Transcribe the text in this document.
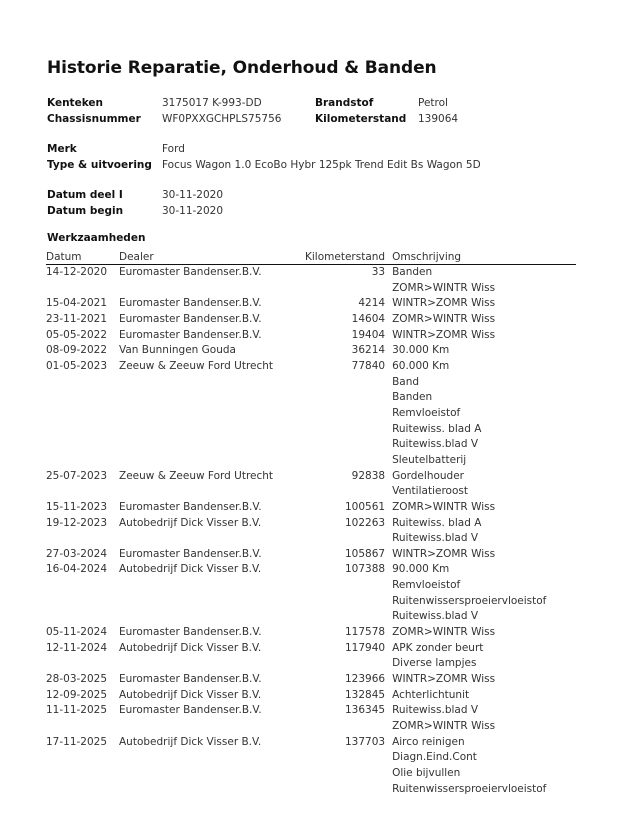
Historie Reparatie, Onderhoud & Banden
Kenteken	3175017 K-993-DD	Brandstof	Petrol
Chassisnummer WF0PXXGCHPLS75756	Kilometerstand 139064
Merk	Ford
Type & uitvoering Focus Wagon 1.0 EcoBo Hybr 125pk Trend Edit Bs Wagon 5D
Datum deel I	30-11-2020
Datum begin	30-11-2020
Werkzaamheden
Datum	Dealer	Kilometerstand	Omschrijving
14-12-2020	Euromaster Bandenser.B.V.	33	Banden
			ZOMR>WINTR Wiss
15-04-2021	Euromaster Bandenser.B.V.	4214	WINTR>ZOMR Wiss
23-11-2021	Euromaster Bandenser.B.V.	14604	ZOMR>WINTR Wiss
05-05-2022	Euromaster Bandenser.B.V.	19404	WINTR>ZOMR Wiss
08-09-2022	Van Bunningen Gouda	36214	30.000 Km
01-05-2023	Zeeuw & Zeeuw Ford Utrecht	77840	60.000 Km
			Band
			Banden
			Remvloeistof
			Ruitewiss. blad A
			Ruitewiss.blad V
			Sleutelbatterij
25-07-2023	Zeeuw & Zeeuw Ford Utrecht	92838	Gordelhouder
			Ventilatieroost
15-11-2023	Euromaster Bandenser.B.V.	100561	ZOMR>WINTR Wiss
19-12-2023	Autobedrijf Dick Visser B.V.	102263	Ruitewiss. blad A
			Ruitewiss.blad V
27-03-2024	Euromaster Bandenser.B.V.	105867	WINTR>ZOMR Wiss
16-04-2024	Autobedrijf Dick Visser B.V.	107388	90.000 Km
			Remvloeistof
			Ruitenwissersproeiervloeistof
			Ruitewiss.blad V
05-11-2024	Euromaster Bandenser.B.V.	117578	ZOMR>WINTR Wiss
12-11-2024	Autobedrijf Dick Visser B.V.	117940	APK zonder beurt
			Diverse lampjes
28-03-2025	Euromaster Bandenser.B.V.	123966	WINTR>ZOMR Wiss
12-09-2025	Autobedrijf Dick Visser B.V.	132845	Achterlichtunit
11-11-2025	Euromaster Bandenser.B.V.	136345	Ruitewiss.blad V
			ZOMR>WINTR Wiss
17-11-2025	Autobedrijf Dick Visser B.V.	137703	Airco reinigen
			Diagn.Eind.Cont
			Olie bijvullen
			Ruitenwissersproeiervloeistof
